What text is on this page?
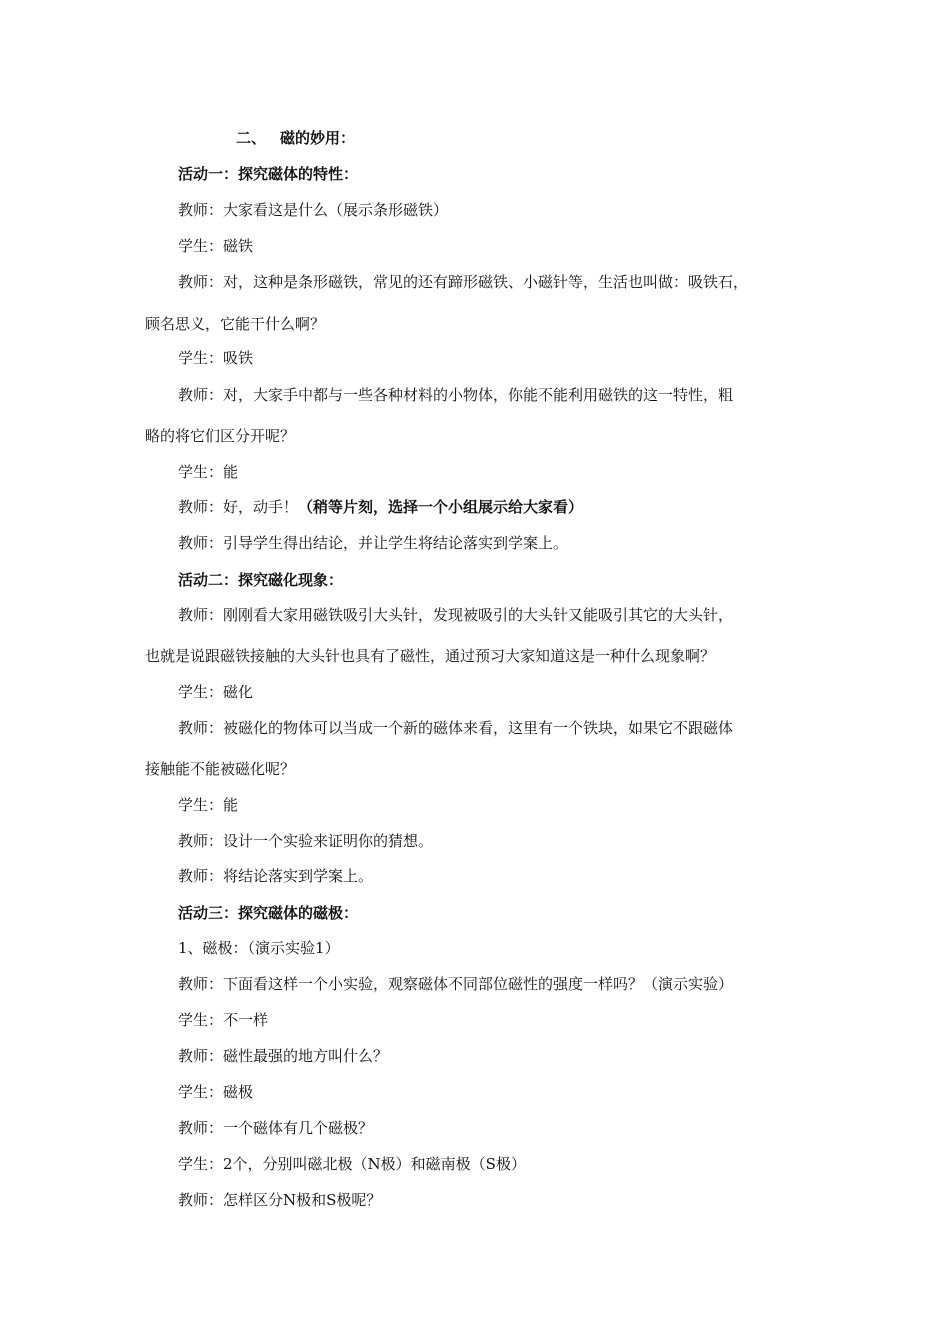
二、 磁的妙用：
活动一：探究磁体的特性：
教师：大家看这是什么（展示条形磁铁）
学生：磁铁
教师：对，这种是条形磁铁，常见的还有蹄形磁铁、小磁针等，生活也叫做：吸铁石，
顾名思义，它能干什么啊？
学生：吸铁
教师：对，大家手中都与一些各种材料的小物体，你能不能利用磁铁的这一特性，粗
略的将它们区分开呢？
学生：能
教师：好，动手！（稍等片刻，选择一个小组展示给大家看）
教师：引导学生得出结论，并让学生将结论落实到学案上。
活动二：探究磁化现象：
教师：刚刚看大家用磁铁吸引大头针，发现被吸引的大头针又能吸引其它的大头针，
也就是说跟磁铁接触的大头针也具有了磁性，通过预习大家知道这是一种什么现象啊？
学生：磁化
教师：被磁化的物体可以当成一个新的磁体来看，这里有一个铁块，如果它不跟磁体
接触能不能被磁化呢？
学生：能
教师：设计一个实验来证明你的猜想。
教师：将结论落实到学案上。
活动三：探究磁体的磁极：
1、磁极：（演示实验1）
教师：下面看这样一个小实验，观察磁体不同部位磁性的强度一样吗？（演示实验）
学生：不一样
教师：磁性最强的地方叫什么？
学生：磁极
教师：一个磁体有几个磁极？
学生：2个，分别叫磁北极（N极）和磁南极（S极）
教师：怎样区分N极和S极呢？
